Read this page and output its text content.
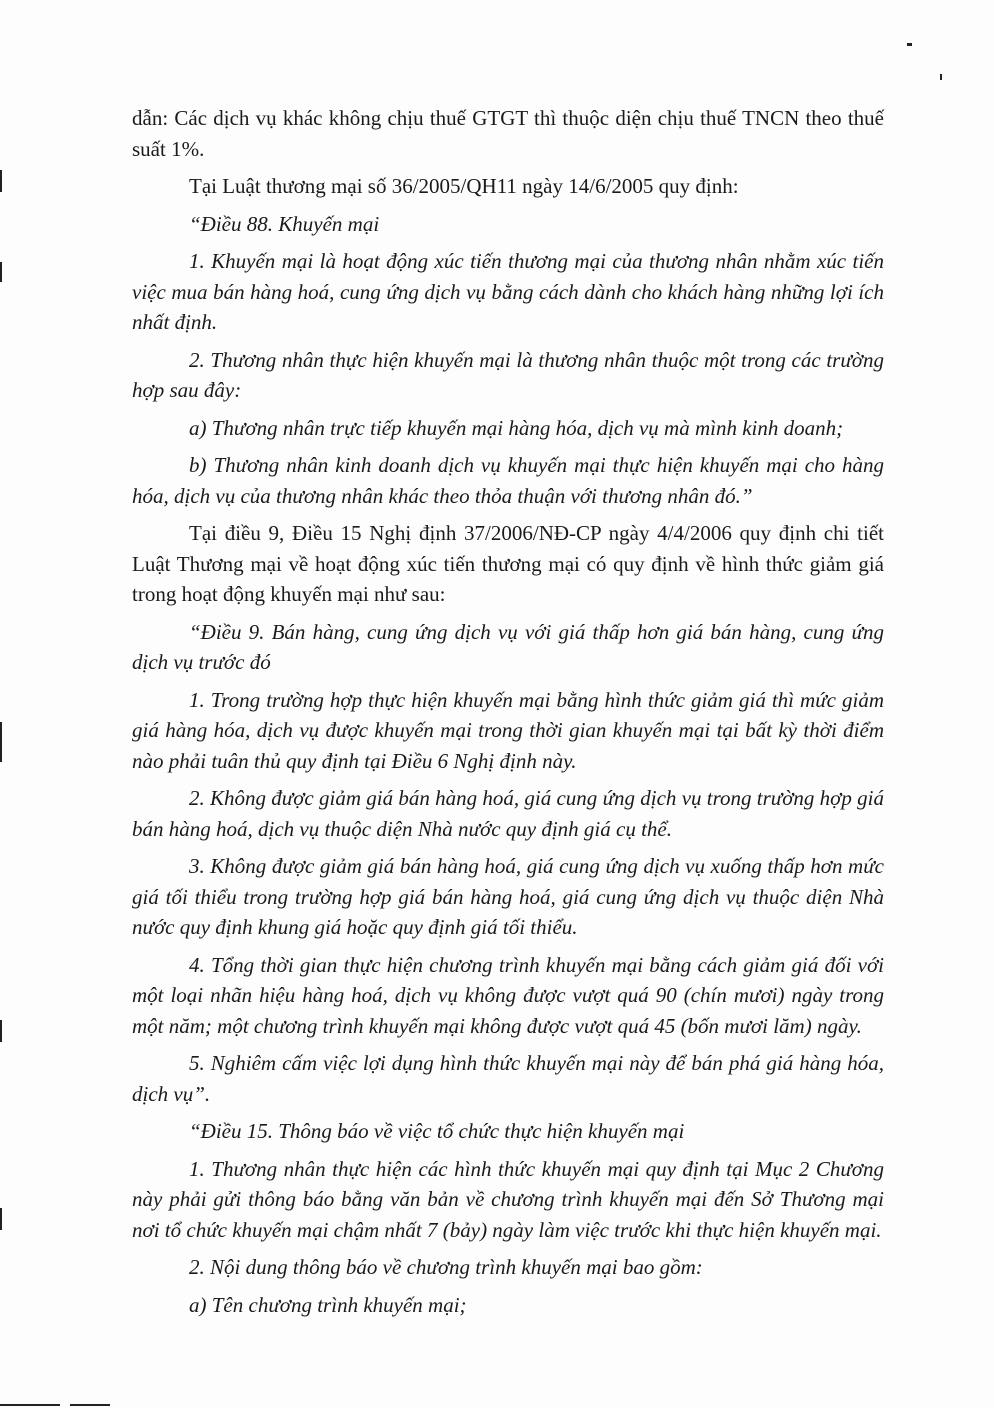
dẫn: Các dịch vụ khác không chịu thuế GTGT thì thuộc diện chịu thuế TNCN theo thuế suất 1%.

Tại Luật thương mại số 36/2005/QH11 ngày 14/6/2005 quy định:

“Điều 88. Khuyến mại

1. Khuyến mại là hoạt động xúc tiến thương mại của thương nhân nhằm xúc tiến việc mua bán hàng hoá, cung ứng dịch vụ bằng cách dành cho khách hàng những lợi ích nhất định.

2. Thương nhân thực hiện khuyến mại là thương nhân thuộc một trong các trường hợp sau đây:

a) Thương nhân trực tiếp khuyến mại hàng hóa, dịch vụ mà mình kinh doanh;

b) Thương nhân kinh doanh dịch vụ khuyến mại thực hiện khuyến mại cho hàng hóa, dịch vụ của thương nhân khác theo thỏa thuận với thương nhân đó.”

Tại điều 9, Điều 15 Nghị định 37/2006/NĐ-CP ngày 4/4/2006 quy định chi tiết Luật Thương mại về hoạt động xúc tiến thương mại có quy định về hình thức giảm giá trong hoạt động khuyến mại như sau:

“Điều 9. Bán hàng, cung ứng dịch vụ với giá thấp hơn giá bán hàng, cung ứng dịch vụ trước đó

1. Trong trường hợp thực hiện khuyến mại bằng hình thức giảm giá thì mức giảm giá hàng hóa, dịch vụ được khuyến mại trong thời gian khuyến mại tại bất kỳ thời điểm nào phải tuân thủ quy định tại Điều 6 Nghị định này.

2. Không được giảm giá bán hàng hoá, giá cung ứng dịch vụ trong trường hợp giá bán hàng hoá, dịch vụ thuộc diện Nhà nước quy định giá cụ thể.

3. Không được giảm giá bán hàng hoá, giá cung ứng dịch vụ xuống thấp hơn mức giá tối thiểu trong trường hợp giá bán hàng hoá, giá cung ứng dịch vụ thuộc diện Nhà nước quy định khung giá hoặc quy định giá tối thiểu.

4. Tổng thời gian thực hiện chương trình khuyến mại bằng cách giảm giá đối với một loại nhãn hiệu hàng hoá, dịch vụ không được vượt quá 90 (chín mươi) ngày trong một năm; một chương trình khuyến mại không được vượt quá 45 (bốn mươi lăm) ngày.

5. Nghiêm cấm việc lợi dụng hình thức khuyến mại này để bán phá giá hàng hóa, dịch vụ”.

“Điều 15. Thông báo về việc tổ chức thực hiện khuyến mại

1. Thương nhân thực hiện các hình thức khuyến mại quy định tại Mục 2 Chương này phải gửi thông báo bằng văn bản về chương trình khuyến mại đến Sở Thương mại nơi tổ chức khuyến mại chậm nhất 7 (bảy) ngày làm việc trước khi thực hiện khuyến mại.

2. Nội dung thông báo về chương trình khuyến mại bao gồm:

a) Tên chương trình khuyến mại;
